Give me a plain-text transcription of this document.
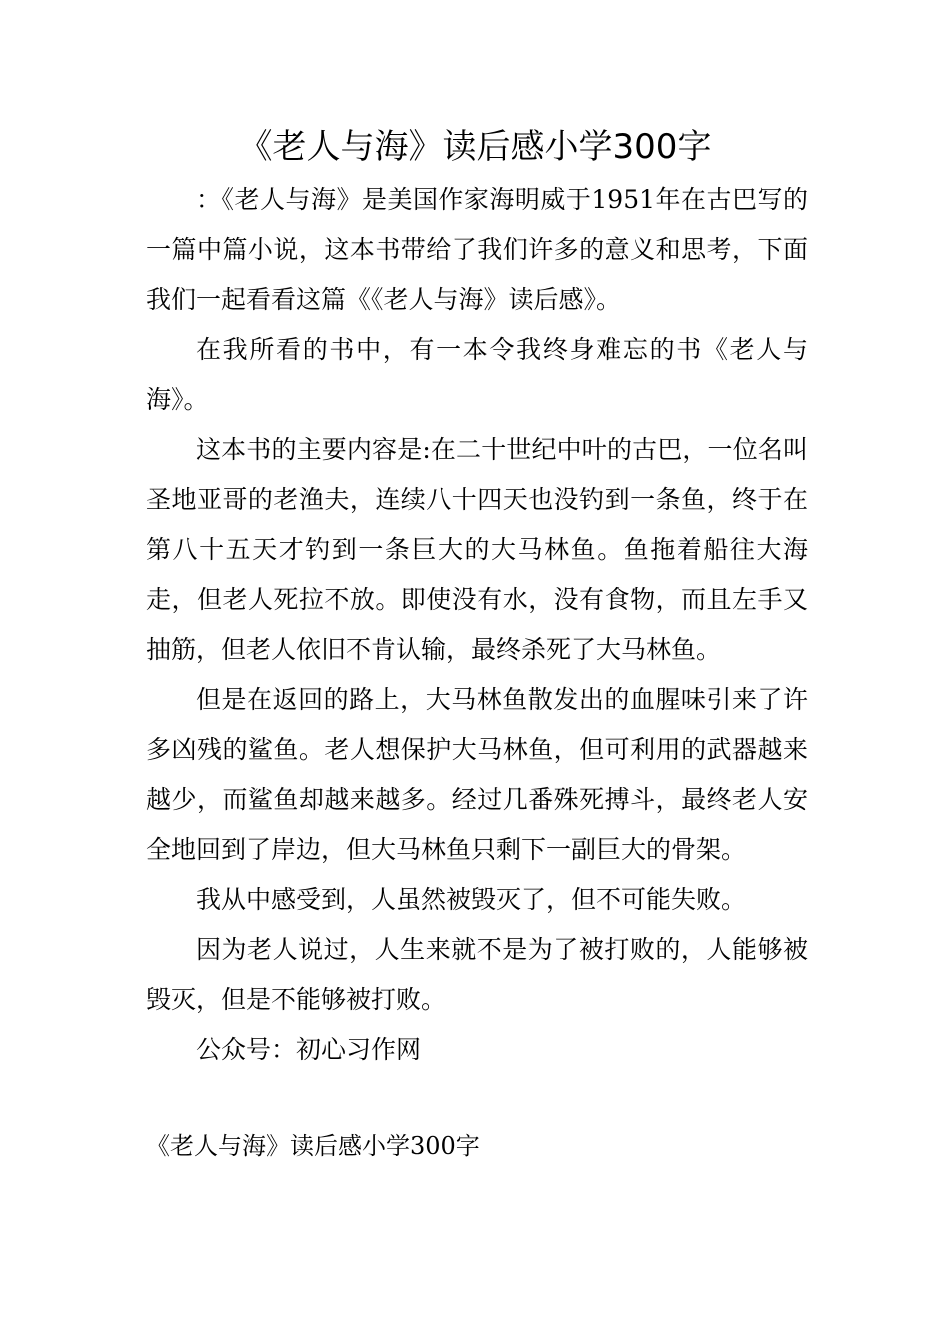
《老人与海》读后感小学300字

：《老人与海》是美国作家海明威于1951年在古巴写的一篇中篇小说，这本书带给了我们许多的意义和思考，下面我们一起看看这篇《《老人与海》读后感》。

在我所看的书中，有一本令我终身难忘的书《老人与海》。

这本书的主要内容是:在二十世纪中叶的古巴，一位名叫圣地亚哥的老渔夫，连续八十四天也没钓到一条鱼，终于在第八十五天才钓到一条巨大的大马林鱼。鱼拖着船往大海走，但老人死拉不放。即使没有水，没有食物，而且左手又抽筋，但老人依旧不肯认输，最终杀死了大马林鱼。

但是在返回的路上，大马林鱼散发出的血腥味引来了许多凶残的鲨鱼。老人想保护大马林鱼，但可利用的武器越来越少，而鲨鱼却越来越多。经过几番殊死搏斗，最终老人安全地回到了岸边，但大马林鱼只剩下一副巨大的骨架。

我从中感受到，人虽然被毁灭了，但不可能失败。

因为老人说过，人生来就不是为了被打败的，人能够被毁灭，但是不能够被打败。

公众号：初心习作网

《老人与海》读后感小学300字
